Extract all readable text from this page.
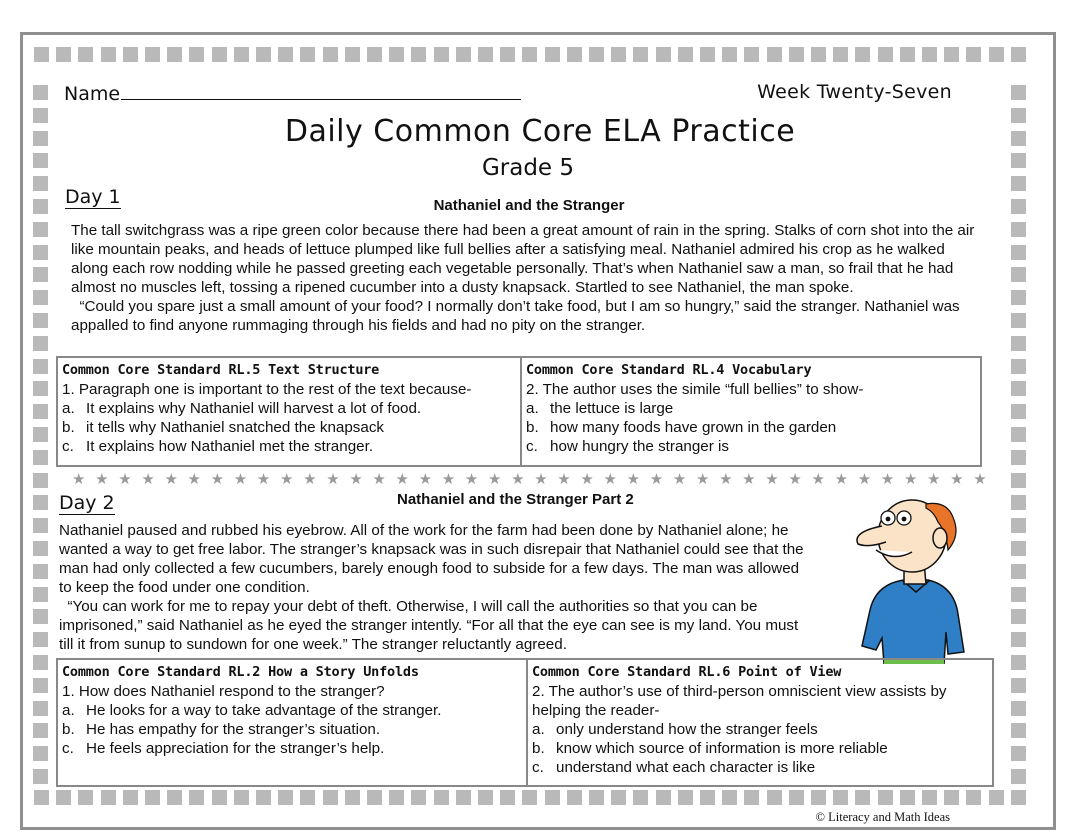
Name	Week Twenty-Seven
Daily Common Core ELA Practice
Grade 5
Day 1	Nathaniel and the Stranger

The tall switchgrass was a ripe green color because there had been a great amount of rain in the spring. Stalks of corn shot into the air like mountain peaks, and heads of lettuce plumped like full bellies after a satisfying meal. Nathaniel admired his crop as he walked along each row nodding while he passed greeting each vegetable personally. That’s when Nathaniel saw a man, so frail that he had almost no muscles left, tossing a ripened cucumber into a dusty knapsack. Startled to see Nathaniel, the man spoke.

“Could you spare just a small amount of your food? I normally don’t take food, but I am so hungry,” said the stranger. Nathaniel was appalled to find anyone rummaging through his fields and had no pity on the stranger.

Common Core Standard RL.5 Text Structure
1. Paragraph one is important to the rest of the text because-
a. It explains why Nathaniel will harvest a lot of food.
b. it tells why Nathaniel snatched the knapsack
c. It explains how Nathaniel met the stranger.
Common Core Standard RL.4 Vocabulary
2. The author uses the simile “full bellies” to show-
a. the lettuce is large
b. how many foods have grown in the garden
c. how hungry the stranger is
★ ★ ★ ★ ★ ★ ★ ★ ★ ★ ★ ★ ★ ★ ★ ★ ★ ★ ★ ★ ★ ★ ★ ★ ★ ★ ★ ★ ★ ★ ★ ★ ★ ★ ★ ★ ★ ★ ★ ★
Day 2	Nathaniel and the Stranger Part 2

Nathaniel paused and rubbed his eyebrow. All of the work for the farm had been done by Nathaniel alone; he wanted a way to get free labor. The stranger’s knapsack was in such disrepair that Nathaniel could see that the man had only collected a few cucumbers, barely enough food to subside for a few days. The man was allowed to keep the food under one condition.

“You can work for me to repay your debt of theft. Otherwise, I will call the authorities so that you can be imprisoned,” said Nathaniel as he eyed the stranger intently. “For all that the eye can see is my land. You must till it from sunup to sundown for one week.” The stranger reluctantly agreed.

Common Core Standard RL.2 How a Story Unfolds
1. How does Nathaniel respond to the stranger?
a. He looks for a way to take advantage of the stranger.
b. He has empathy for the stranger’s situation.
c. He feels appreciation for the stranger’s help.
Common Core Standard RL.6 Point of View
2. The author’s use of third-person omniscient view assists by helping the reader-
a. only understand how the stranger feels
b. know which source of information is more reliable
c. understand what each character is like
© Literacy and Math Ideas
